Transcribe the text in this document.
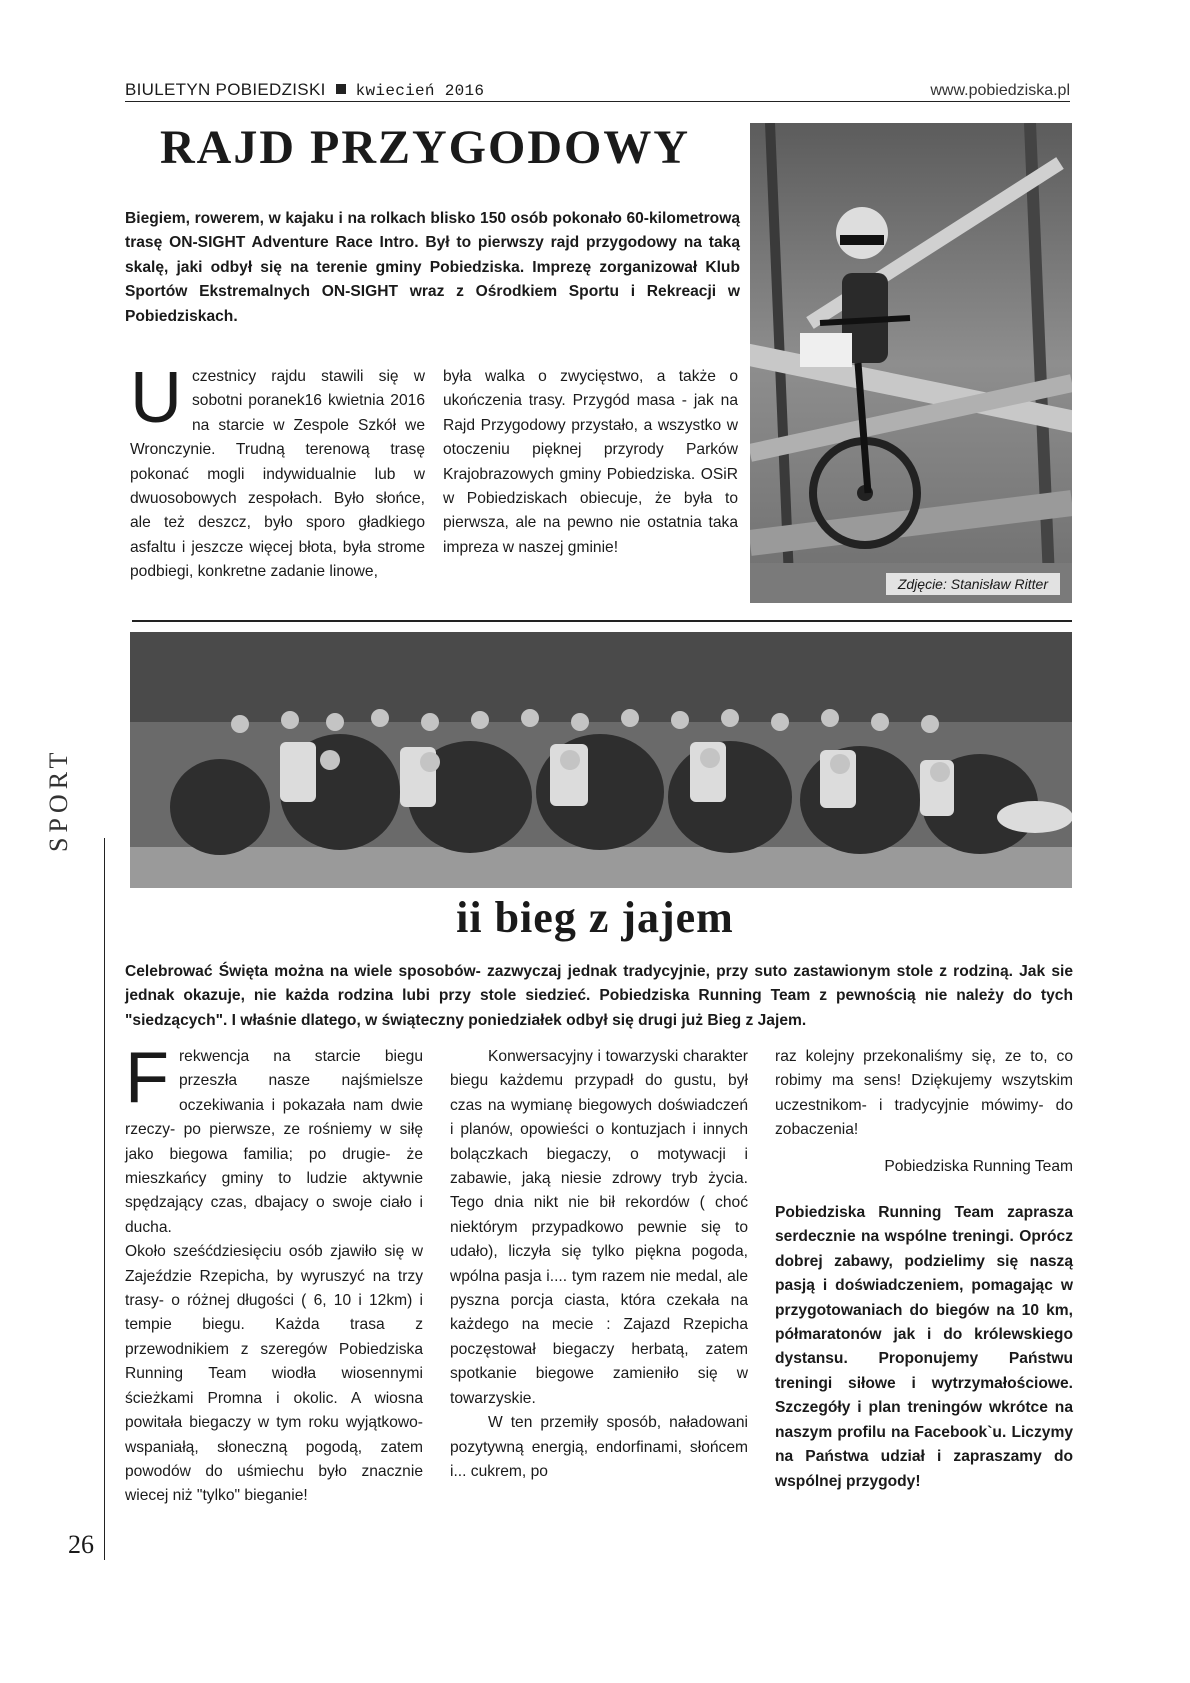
BIULETYN POBIEDZISKI kwiecień 2016	www.pobiedziska.pl
RAJD PRZYGODOWY
Biegiem, rowerem, w kajaku i na rolkach blisko 150 osób pokonało 60-kilometrową trasę ON-SIGHT Adventure Race Intro. Był to pierwszy rajd przygodowy na taką skalę, jaki odbył się na terenie gminy Pobiedziska. Imprezę zorganizował Klub Sportów Ekstremalnych ON-SIGHT wraz z Ośrodkiem Sportu i Rekreacji w Pobiedziskach.
Uczestnicy rajdu stawili się w sobotni poranek16 kwietnia 2016 na starcie w Zespole Szkół we Wronczynie. Trudną terenową trasę pokonać mogli indywidualnie lub w dwuosobowych zespołach. Było słońce, ale też deszcz, było sporo gładkiego asfaltu i jeszcze więcej błota, była strome podbiegi, konkretne zadanie linowe,
była walka o zwycięstwo, a także o ukończenia trasy. Przygód masa - jak na Rajd Przygodowy przystało, a wszystko w otoczeniu pięknej przyrody Parków Krajobrazowych gminy Pobiedziska. OSiR w Pobiedziskach obiecuje, że była to pierwsza, ale na pewno nie ostatnia taka impreza w naszej gminie!
Zdjęcie: Stanisław Ritter
ii bieg z jajem
SPORT
26
Celebrować Święta można na wiele sposobów- zazwyczaj jednak tradycyjnie, przy suto zastawionym stole z rodziną. Jak sie jednak okazuje, nie każda rodzina lubi przy stole siedzieć. Pobiedziska Running Team z pewnością nie należy do tych "siedzących". I właśnie dlatego, w świąteczny poniedziałek odbył się drugi już Bieg z Jajem.
Frekwencja na starcie biegu przeszła nasze najśmielsze oczekiwania i pokazała nam dwie rzeczy- po pierwsze, ze rośniemy w siłę jako biegowa familia; po drugie- że mieszkańcy gminy to ludzie aktywnie spędzający czas, dbajacy o swoje ciało i ducha.
Około sześćdziesięciu osób zjawiło się w Zajeździe Rzepicha, by wyruszyć na trzy trasy- o różnej długości ( 6, 10 i 12km) i tempie biegu. Każda trasa z przewodnikiem z szeregów Pobiedziska Running Team wiodła wiosennymi ścieżkami Promna i okolic. A wiosna powitała biegaczy w tym roku wyjątkowo- wspaniałą, słoneczną pogodą, zatem powodów do uśmiechu było znacznie wiecej niż "tylko" bieganie!
Konwersacyjny i towarzyski charakter biegu każdemu przypadł do gustu, był czas na wymianę biegowych doświadczeń i planów, opowieści o kontuzjach i innych bolączkach biegaczy, o motywacji i zabawie, jaką niesie zdrowy tryb życia. Tego dnia nikt nie bił rekordów ( choć niektórym przypadkowo pewnie się to udało), liczyła się tylko piękna pogoda, wpólna pasja i.... tym razem nie medal, ale pyszna porcja ciasta, która czekała na każdego na mecie : Zajazd Rzepicha poczęstował biegaczy herbatą, zatem spotkanie biegowe zamieniło się w towarzyskie.
W ten przemiły sposób, naładowani pozytywną energią, endorfinami, słońcem i... cukrem, po
raz kolejny przekonaliśmy się, ze to, co robimy ma sens! Dziękujemy wszytskim uczestnikom- i tradycyjnie mówimy- do zobaczenia!
Pobiedziska Running Team
Pobiedziska Running Team zaprasza serdecznie na wspólne treningi. Oprócz dobrej zabawy, podzielimy się naszą pasją i doświadczeniem, pomagając w przygotowaniach do biegów na 10 km, półmaratonów jak i do królewskiego dystansu. Proponujemy Państwu treningi siłowe i wytrzymałościowe. Szczegóły i plan treningów wkrótce na naszym profilu na Facebook`u. Liczymy na Państwa udział i zapraszamy do wspólnej przygody!
